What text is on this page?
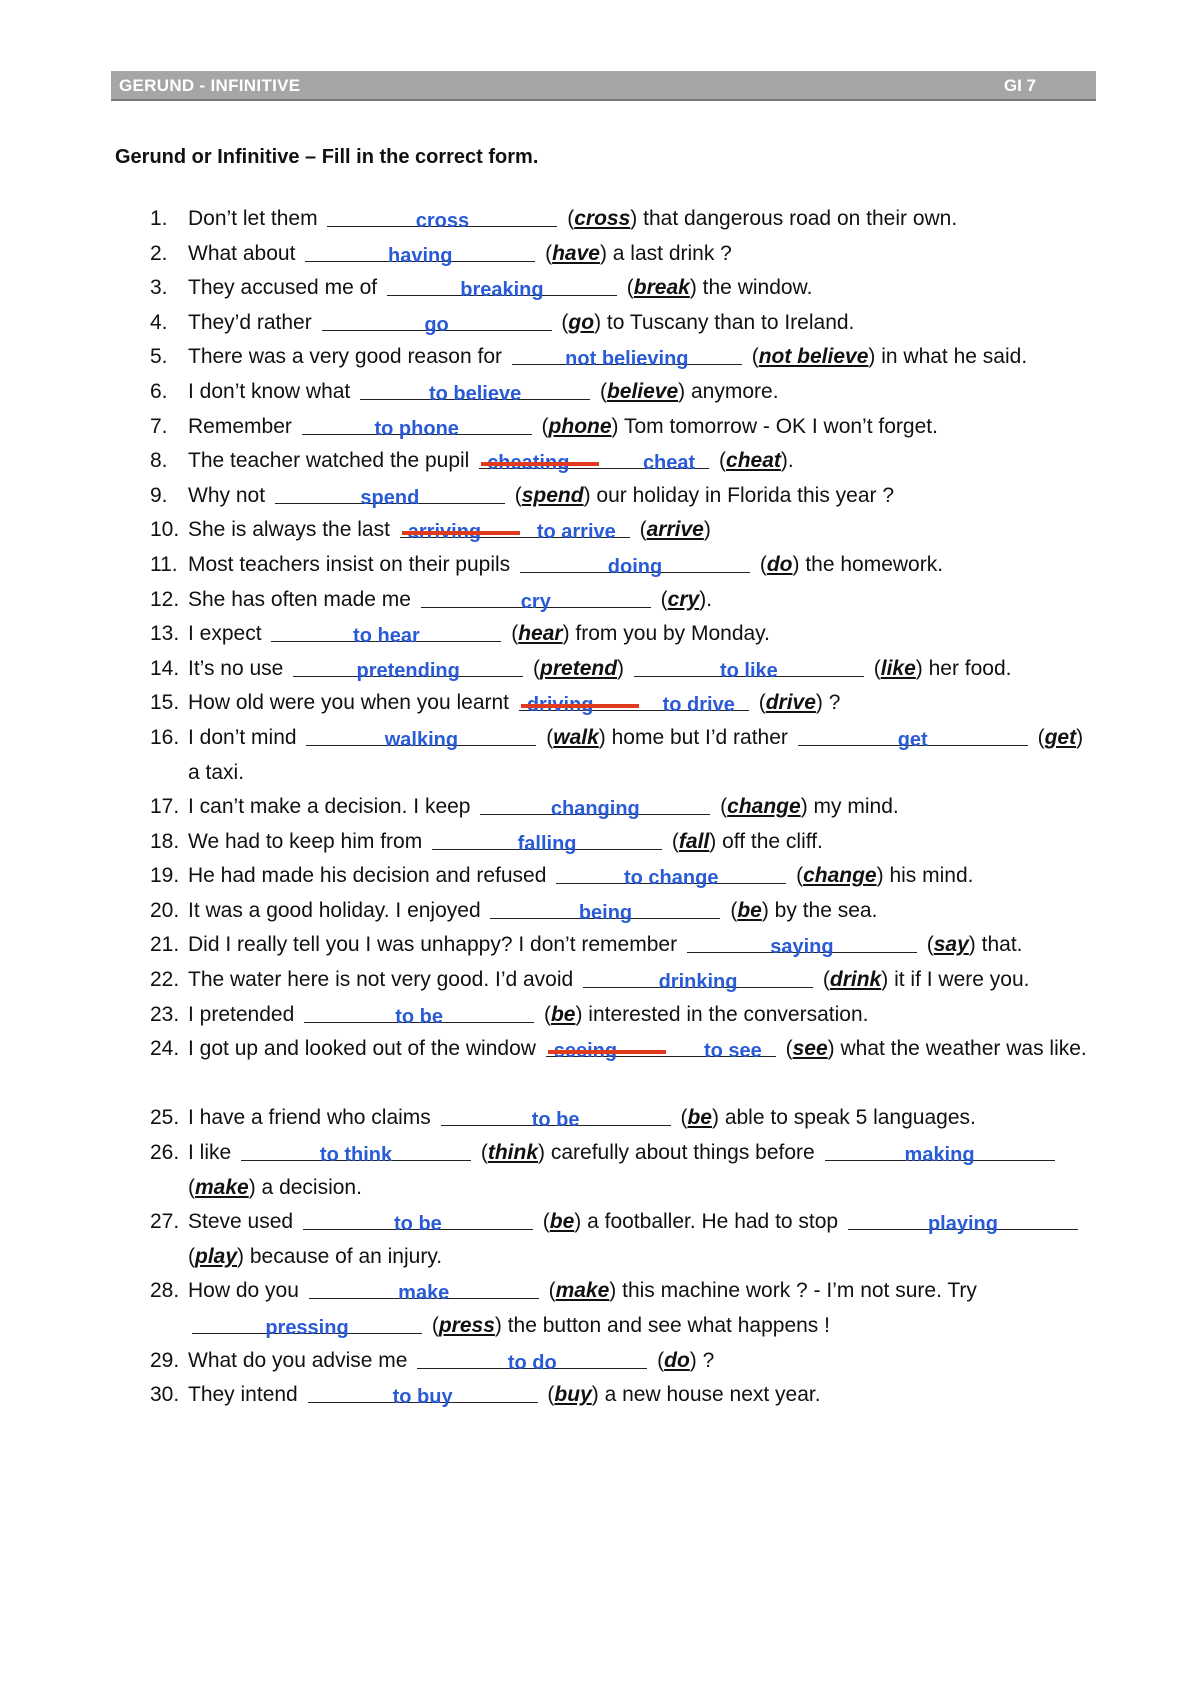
GERUND - INFINITIVE	GI 7
Gerund or Infinitive – Fill in the correct form.
1. Don’t let them	cross	(cross) that dangerous road on their own.
2. What about	having	(have) a last drink ?
3. They accused me of	breaking	(break) the window.
4. They’d rather	go	(go) to Tuscany than to Ireland.
5. There was a very good reason for	not believing	(not believe) in what he said.
6. I don’t know what	to believe	(believe) anymore.
7. Remember	to phone	(phone) Tom tomorrow - OK I won’t forget.
8. The teacher watched the pupil	cheat (cheat).
9. Why not	spend	(spend) our holiday in Florida this year ?
10. She is always the last	to arrive (arrive)
11. Most teachers insist on their pupils	doing	(do) the homework.
12. She has often made me	cry	(cry).
13. I expect	to hear	(hear) from you by Monday.
14. It’s no use	pretending	(pretend)	to like	(like) her food.
15. How old were you when you learnt	to drive (drive) ?
16. I don’t mind	walking	(walk) home but I’d rather	get	(get) a taxi.
17. I can’t make a decision. I keep	changing	(change) my mind.
18. We had to keep him from	falling	(fall) off the cliff.
19. He had made his decision and refused	to change	(change) his mind.
20. It was a good holiday. I enjoyed	being	(be) by the sea.
21. Did I really tell you I was unhappy? I don’t remember	saying	(say) that.
22. The water here is not very good. I’d avoid	drinking	(drink) it if I were you.
23. I pretended	to be	(be) interested in the conversation.
24. I got up and looked out of the window	to see (see) what the weather was like.
25. I have a friend who claims	to be	(be) able to speak 5 languages.
26. I like	to think	(think) carefully about things before	making
(make) a decision.
27. Steve used	to be	(be) a footballer. He had to stop	playing
(play) because of an injury.
28. How do you	make	(make) this machine work ? - I’m not sure. Try
pressing	(press) the button and see what happens !
29. What do you advise me	to do	(do) ?
30. They intend	to buy	(buy) a new house next year.
